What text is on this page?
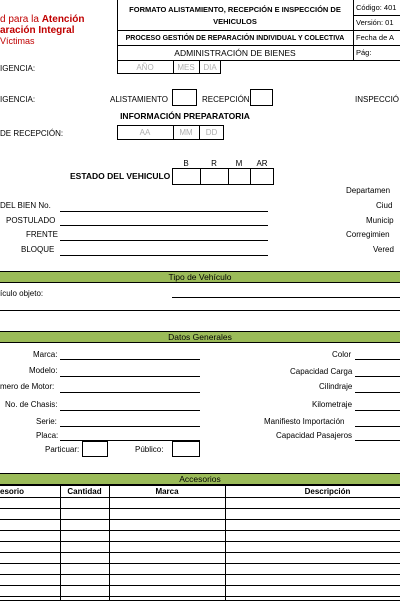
d para la Atención
aración Integral
Víctimas
FORMATO ALISTAMIENTO, RECEPCIÓN E INSPECCIÓN DE
VEHICULOS
PROCESO GESTIÓN DE REPARACIÓN INDIVIDUAL Y COLECTIVA
ADMINISTRACIÓN DE BIENES
Código: 401
Versión: 01
Fecha de A
Pág:
IGENCIA:	AÑO	MES	DIA
IGENCIA:	ALISTAMIENTO	RECEPCIÓN	INSPECCIÓ
INFORMACIÓN PREPARATORIA
DE RECEPCIÓN:	AA	MM	DD
B	R	M	AR
ESTADO DEL VEHICULO
DEL BIEN No.
POSTULADO
FRENTE
BLOQUE
Departamen
Ciud
Municip
Corregimien
Vered
Tipo de Vehículo
ículo objeto:
Datos Generales
Marca:
Modelo:
mero de Motor:
No. de Chasis:
Serie:
Placa:
Particuar:	Público:
Color
Capacidad Carga
Cilindraje
Kilometraje
Manifiesto Importación
Capacidad Pasajeros
Accesorios
esorio	Cantidad	Marca	Descripción
